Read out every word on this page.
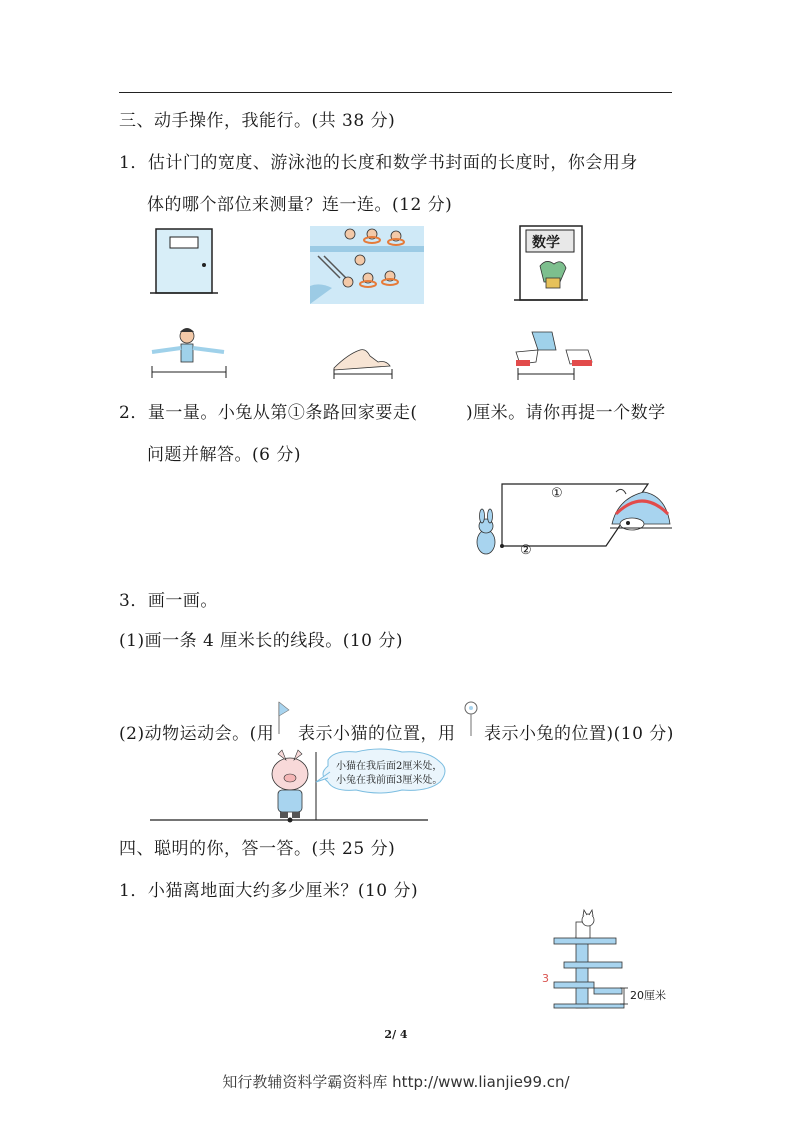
三、动手操作，我能行。(共 38 分)
1．估计门的宽度、游泳池的长度和数学书封面的长度时，你会用身
体的哪个部位来测量？连一连。(12 分)
数学
2．量一量。小兔从第①条路回家要走(	)厘米。请你再提一个数学
问题并解答。(6 分)
①
②
3．画一画。
(1)画一条 4 厘米长的线段。(10 分)
(2)动物运动会。(用 表示小猫的位置，用 表示小兔的位置)(10 分)
小猫在我后面2厘米处，
小兔在我前面3厘米处。
四、聪明的你，答一答。(共 25 分)
1．小猫离地面大约多少厘米？(10 分)
3
20厘米
2/ 4
知行教辅资料学霸资料库 http://www.lianjie99.cn/
